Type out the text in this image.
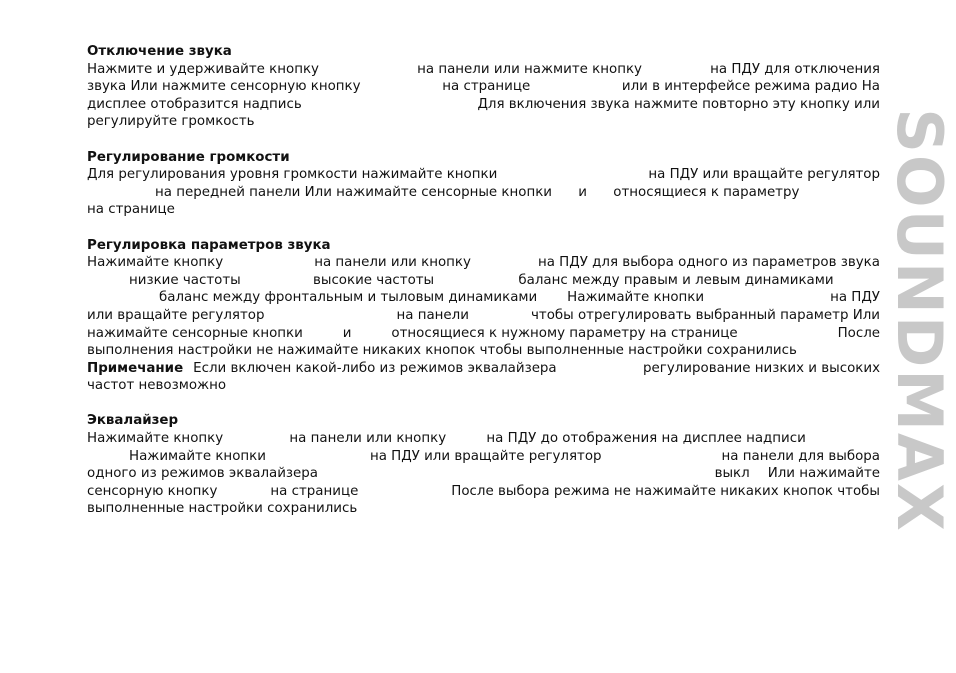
Отключение звука
Нажмите и удерживайте кнопку	на панели или нажмите кнопку	на ПДУ для отключения
звука Или нажмите сенсорную кнопку	на странице	или в интерфейсе режима радио На
дисплее отобразится надпись	Для включения звука нажмите повторно эту кнопку или
регулируйте громкость
Регулирование громкости
Для регулирования уровня громкости нажимайте кнопки	на ПДУ или вращайте регулятор
на передней панели Или нажимайте сенсорные кнопки и относящиеся к параметру
на странице
Регулировка параметров звука
Нажимайте кнопку	на панели или кнопку	на ПДУ для выбора одного из параметров звука
низкие частоты	высокие частоты	баланс между правым и левым динамиками
баланс между фронтальным и тыловым динамиками Нажимайте кнопки	на ПДУ
или вращайте регулятор	на панели	чтобы отрегулировать выбранный параметр Или
нажимайте сенсорные кнопки	и	относящиеся к нужному параметру на странице	После
выполнения настройки не нажимайте никаких кнопок чтобы выполненные настройки сохранились
Примечание Если включен какой-либо из режимов эквалайзера	регулирование низких и высоких
частот невозможно
Эквалайзер
Нажимайте кнопку	на панели или кнопку	на ПДУ до отображения на дисплее надписи
Нажимайте кнопки	на ПДУ или вращайте регулятор	на панели для выбора
одного из режимов эквалайзера	выкл Или нажимайте
сенсорную кнопку	на странице	После выбора режима не нажимайте никаких кнопок чтобы
выполненные настройки сохранились	SOUNDMAX
